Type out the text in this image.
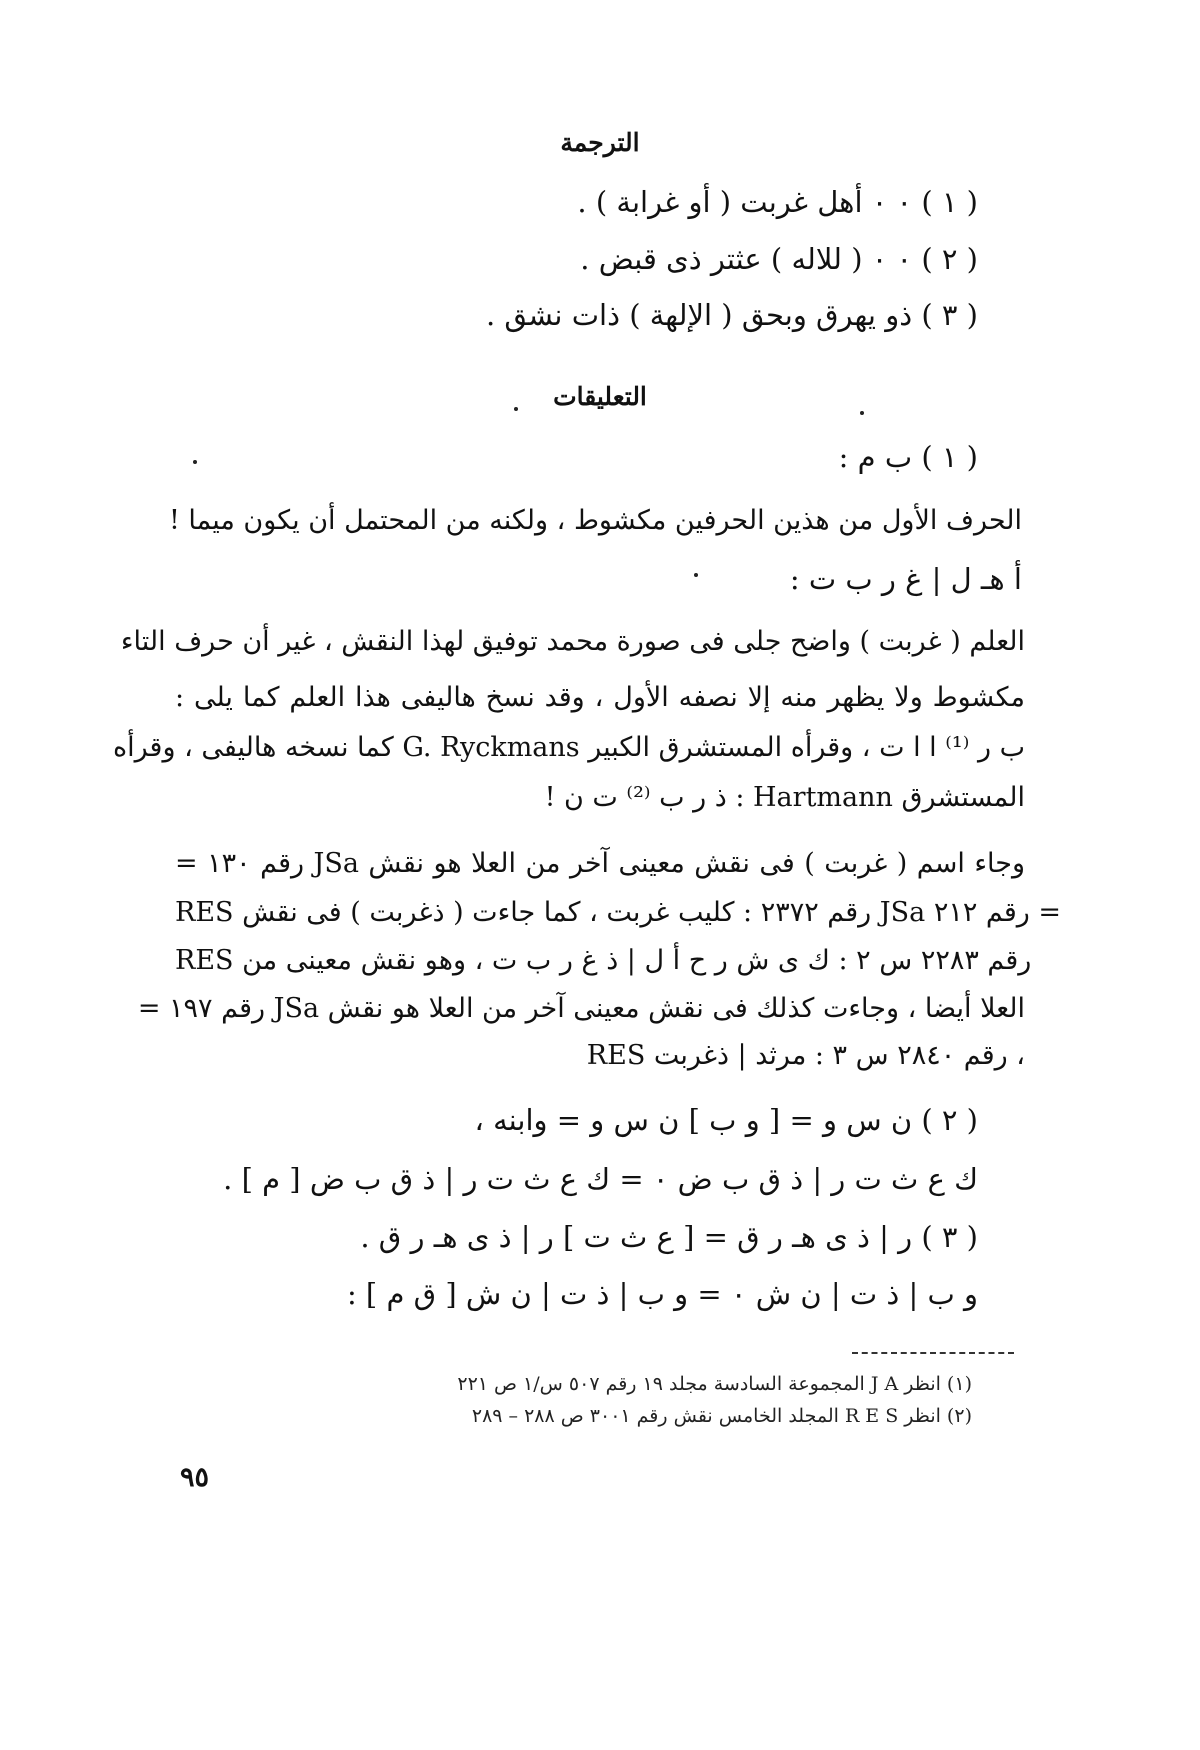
الترجمة
( ١ ) ٠ ٠ أهل غربت ( أو غرابة ) .
( ٢ ) ٠ ٠ ( للاله ) عثتر ذى قبض .
( ٣ ) ذو يهرق وبحق ( الإلهة ) ذات نشق .
التعليقات
( ١ ) ب م :
الحرف الأول من هذين الحرفين مكشوط ، ولكنه من المحتمل أن يكون ميما !
أ هـ ل | غ ر ب ت :
العلم ( غربت ) واضح جلى فى صورة محمد توفيق لهذا النقش ، غير أن حرف التاء
مكشوط ولا يظهر منه إلا نصفه الأول ، وقد نسخ هاليفى هذا العلم كما يلى :
ب ر ⁽¹⁾ ا ا ت ، وقرأه المستشرق الكبير G. Ryckmans كما نسخه هاليفى ، وقرأه
المستشرق Hartmann : ذ ر ب ⁽²⁾ ت ن !
وجاء اسم ( غربت ) فى نقش معينى آخر من العلا هو نقش JSa رقم ١٣٠ =
RES رقم ٢٣٧٢ : كليب غربت ، كما جاءت ( ذغربت ) فى نقش JSa رقم ٢١٢ =
RES رقم ٢٢٨٣ س ٢ : ك ى ش ر ح أ ل | ذ غ ر ب ت ، وهو نقش معينى من
العلا أيضا ، وجاءت كذلك فى نقش معينى آخر من العلا هو نقش JSa رقم ١٩٧ =
RES رقم ٢٨٤٠ س ٣ : مرثد | ذغربت ،
( ٢ ) ن س و = [ و ب ] ن س و = وابنه ،
ك ع ث ت ر | ذ ق ب ض ٠ = ك ع ث ت ر | ذ ق ب ض [ م ] .
( ٣ ) ر | ذ ى هـ ر ق = [ ع ث ت ] ر | ذ ى هـ ر ق .
و ب | ذ ت | ن ش ٠ = و ب | ذ ت | ن ش [ ق م ] :
(١) انظر J A المجموعة السادسة مجلد ١٩ رقم ٥٠٧ س/١ ص ٢٢١
(٢) انظر R E S المجلد الخامس نقش رقم ٣٠٠١ ص ٢٨٨ – ٢٨٩
٩٥
